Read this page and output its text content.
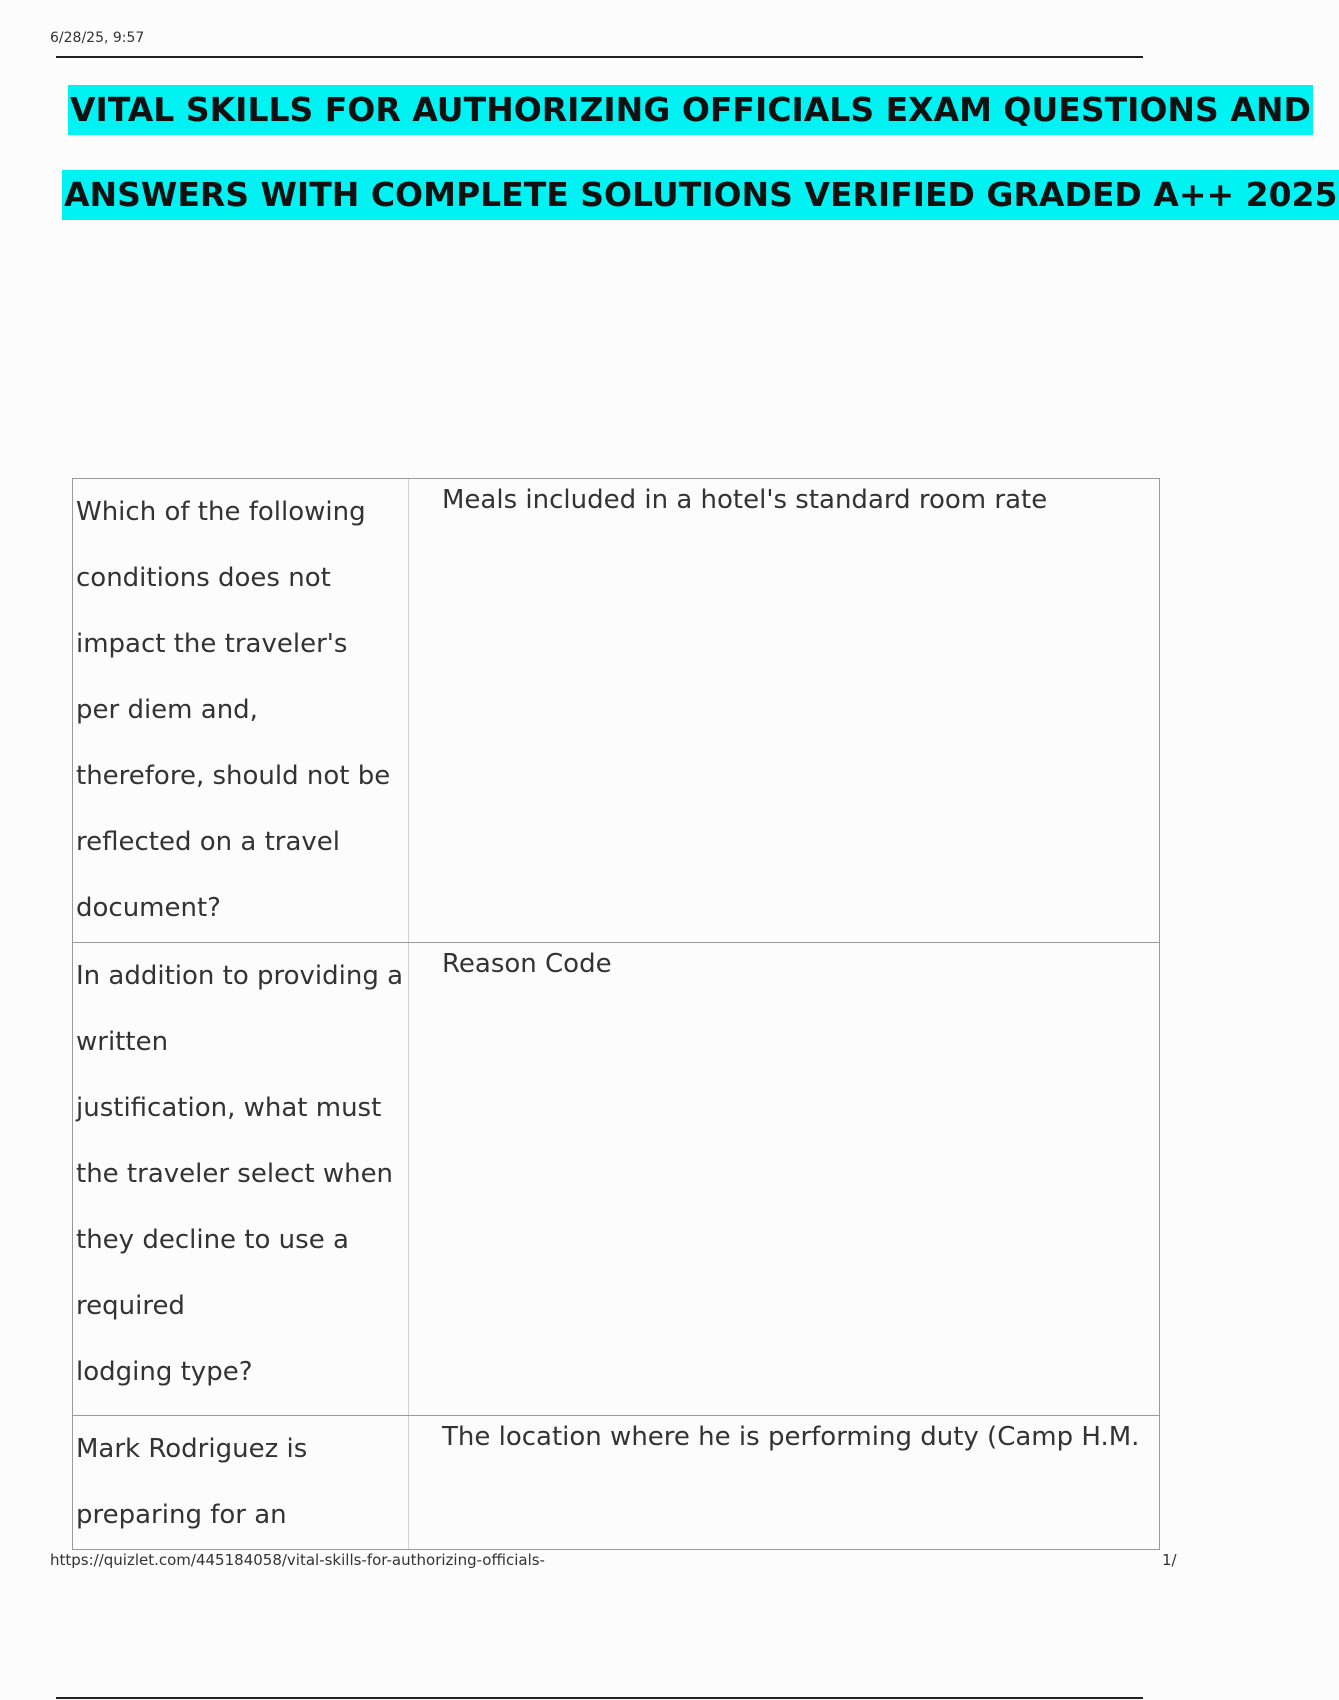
6/28/25, 9:57
VITAL SKILLS FOR AUTHORIZING OFFICIALS EXAM QUESTIONS AND
ANSWERS WITH COMPLETE SOLUTIONS VERIFIED GRADED A++ 2025
Which of the following
conditions does not
impact the traveler's
per diem and,
therefore, should not be
reflected on a travel
document?
Meals included in a hotel's standard room rate
In addition to providing a
written
justification, what must
the traveler select when
they decline to use a
required
lodging type?
Reason Code
Mark Rodriguez is
preparing for an
The location where he is performing duty (Camp H.M.
https://quizlet.com/445184058/vital-skills-for-authorizing-officials-	1/
